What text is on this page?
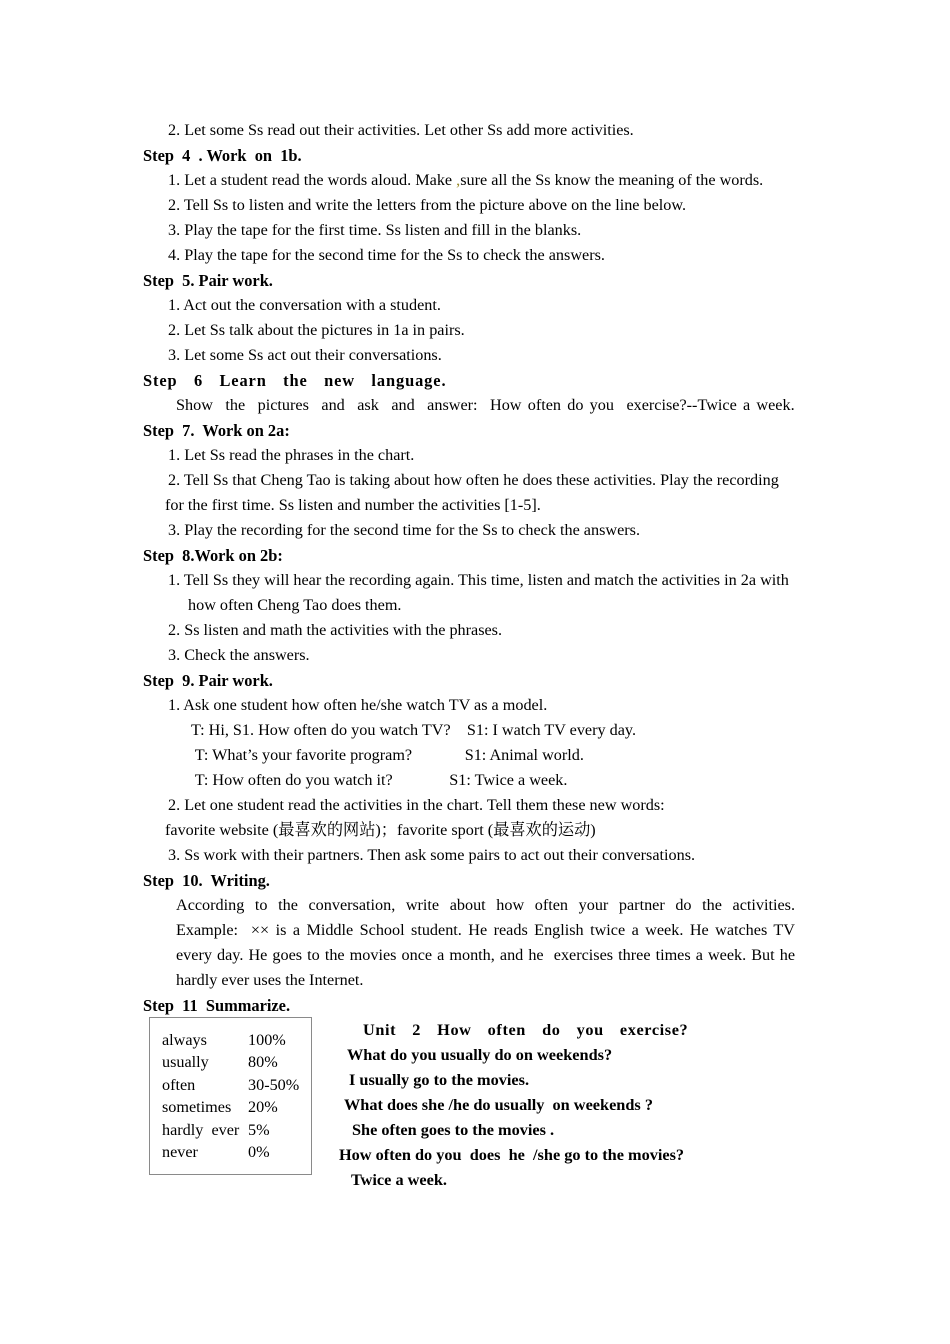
2. Let some Ss read out their activities. Let other Ss add more activities.

Step  4  . Work  on  1b.

1. Let a student read the words aloud. Make ,sure all the Ss know the meaning of the words.

2. Tell Ss to listen and write the letters from the picture above on the line below.

3. Play the tape for the first time. Ss listen and fill in the blanks.

4. Play the tape for the second time for the Ss to check the answers.

Step  5. Pair work.

1. Act out the conversation with a student.

2. Let Ss talk about the pictures in 1a in pairs.

3. Let some Ss act out their conversations.

Step  6  Learn  the  new  language.

Show  the  pictures  and  ask  and  answer:  How often do you  exercise?--Twice a week.

Step  7.  Work on 2a:

1. Let Ss read the phrases in the chart.

2. Tell Ss that Cheng Tao is taking about how often he does these activities. Play the recording

for the first time. Ss listen and number the activities [1-5].

3. Play the recording for the second time for the Ss to check the answers.

Step  8.Work on 2b:

1. Tell Ss they will hear the recording again. This time, listen and match the activities in 2a with

how often Cheng Tao does them.

2. Ss listen and math the activities with the phrases.

3. Check the answers.

Step  9. Pair work.

1. Ask one student how often he/she watch TV as a model.

T: Hi, S1. How often do you watch TV?    S1: I watch TV every day.

T: What’s your favorite program?             S1: Animal world.

T: How often do you watch it?              S1: Twice a week.

2. Let one student read the activities in the chart. Tell them these new words:

favorite website (最喜欢的网站)；favorite sport (最喜欢的运动)

3. Ss work with their partners. Then ask some pairs to act out their conversations.

Step  10.  Writing.

According  to  the  conversation,  write  about  how  often  your  partner  do  the  activities.

Example:  ×× is a Middle School student. He reads English twice a week. He watches TV

every day. He goes to the movies once a month, and he  exercises three times a week. But he

hardly ever uses the Internet.

Step  11  Summarize.

always	100%
usually 80%
often	30-50%
sometimes 20%
hardly  ever 5%
never	0%

Unit  2  How  often  do  you  exercise?

What do you usually do on weekends?

I usually go to the movies.

What does she /he do usually  on weekends ?

She often goes to the movies .

How often do you  does  he  /she go to the movies?

Twice a week.
